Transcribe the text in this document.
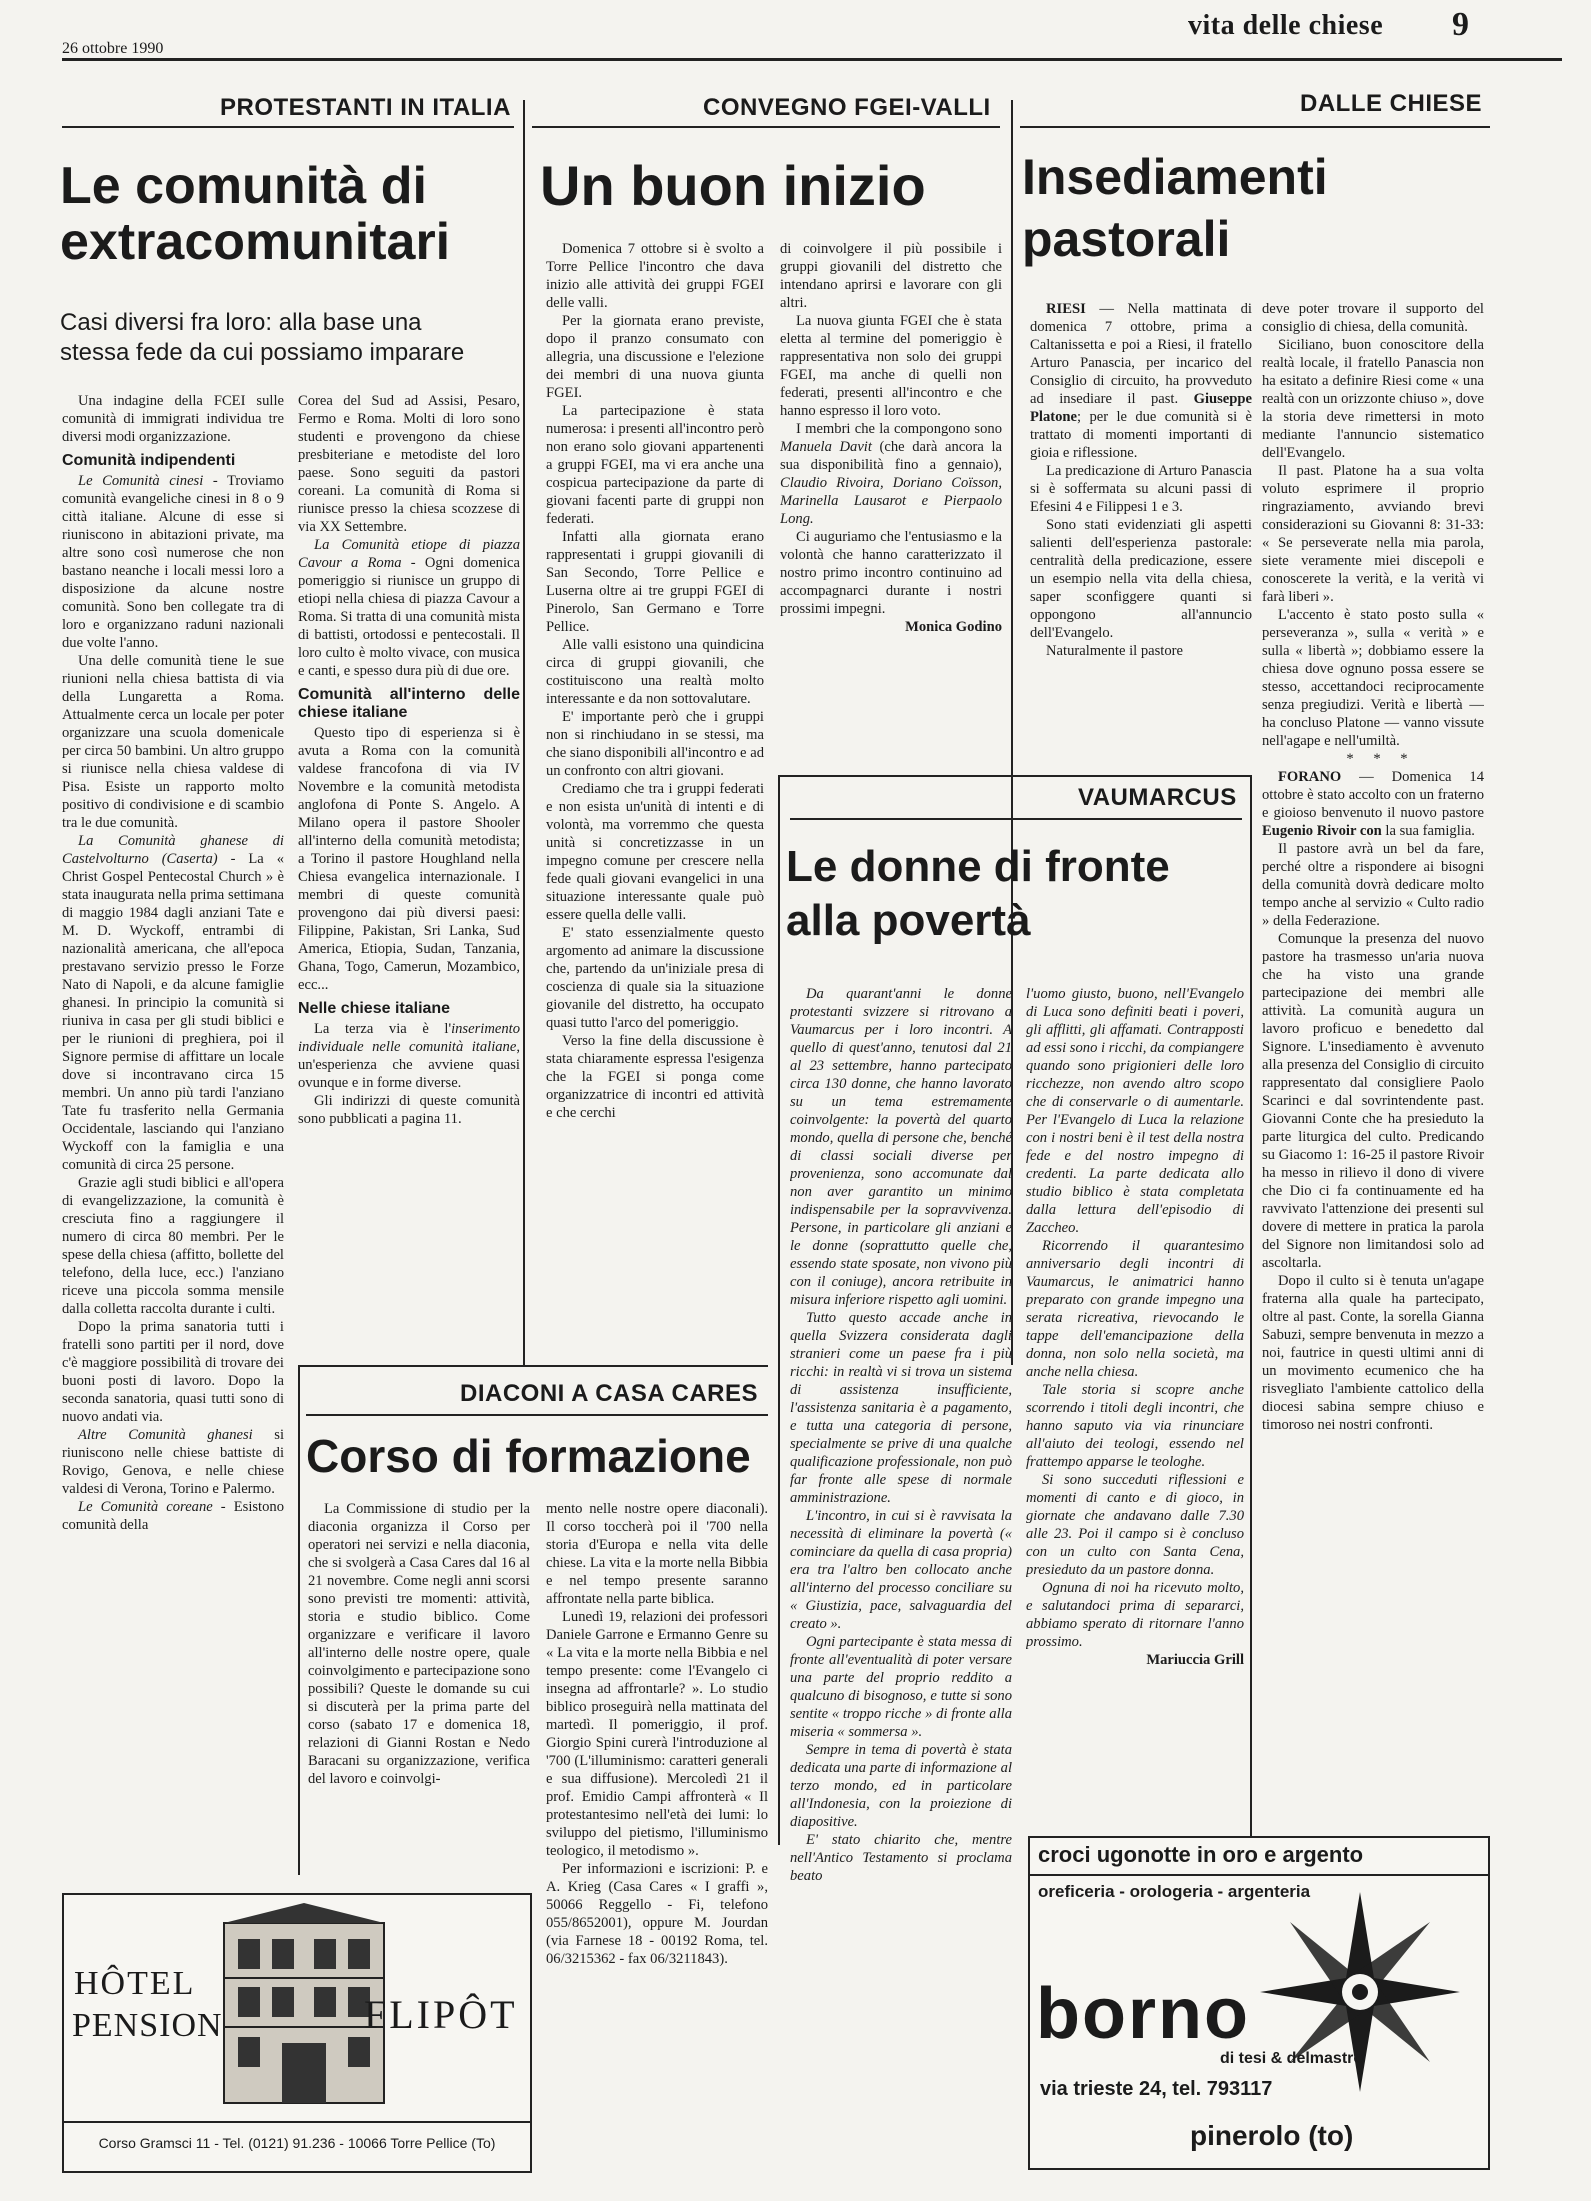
26 ottobre 1990
vita delle chiese 9
PROTESTANTI IN ITALIA	CONVEGNO FGEI-VALLI	DALLE CHIESE
Le comunità di
extracomunitari
Casi diversi fra loro: alla base una
stessa fede da cui possiamo imparare

Una indagine della FCEI sulle comunità di immigrati individua tre diversi modi organizzazione.

Comunità indipendenti

Le Comunità cinesi - Troviamo comunità evangeliche cinesi in 8 o 9 città italiane. Alcune di esse si riuniscono in abitazioni private, ma altre sono così numerose che non bastano neanche i locali messi loro a disposizione da alcune nostre comunità. Sono ben collegate tra di loro e organizzano raduni nazionali due volte l'anno.

Una delle comunità tiene le sue riunioni nella chiesa battista di via della Lungaretta a Roma. Attualmente cerca un locale per poter organizzare una scuola domenicale per circa 50 bambini. Un altro gruppo si riunisce nella chiesa valdese di Pisa. Esiste un rapporto molto positivo di condivisione e di scambio tra le due comunità.

La Comunità ghanese di Castelvolturno (Caserta) - La « Christ Gospel Pentecostal Church » è stata inaugurata nella prima settimana di maggio 1984 dagli anziani Tate e M. D. Wyckoff, entrambi di nazionalità americana, che all'epoca prestavano servizio presso le Forze Nato di Napoli, e da alcune famiglie ghanesi. In principio la comunità si riuniva in casa per gli studi biblici e per le riunioni di preghiera, poi il Signore permise di affittare un locale dove si incontravano circa 15 membri. Un anno più tardi l'anziano Tate fu trasferito nella Germania Occidentale, lasciando qui l'anziano Wyckoff con la famiglia e una comunità di circa 25 persone.

Grazie agli studi biblici e all'opera di evangelizzazione, la comunità è cresciuta fino a raggiungere il numero di circa 80 membri. Per le spese della chiesa (affitto, bollette del telefono, della luce, ecc.) l'anziano riceve una piccola somma mensile dalla colletta raccolta durante i culti.

Dopo la prima sanatoria tutti i fratelli sono partiti per il nord, dove c'è maggiore possibilità di trovare dei buoni posti di lavoro. Dopo la seconda sanatoria, quasi tutti sono di nuovo andati via.

Altre Comunità ghanesi si riuniscono nelle chiese battiste di Rovigo, Genova, e nelle chiese valdesi di Verona, Torino e Palermo.

Le Comunità coreane - Esistono comunità della

Corea del Sud ad Assisi, Pesaro, Fermo e Roma. Molti di loro sono studenti e provengono da chiese presbiteriane e metodiste del loro paese. Sono seguiti da pastori coreani. La comunità di Roma si riunisce presso la chiesa scozzese di via XX Settembre.

La Comunità etiope di piazza Cavour a Roma - Ogni domenica pomeriggio si riunisce un gruppo di etiopi nella chiesa di piazza Cavour a Roma. Si tratta di una comunità mista di battisti, ortodossi e pentecostali. Il loro culto è molto vivace, con musica e canti, e spesso dura più di due ore.

Comunità all'interno delle chiese italiane

Questo tipo di esperienza si è avuta a Roma con la comunità valdese francofona di via IV Novembre e la comunità metodista anglofona di Ponte S. Angelo. A Milano opera il pastore Shooler all'interno della comunità metodista; a Torino il pastore Houghland nella Chiesa evangelica internazionale. I membri di queste comunità provengono dai più diversi paesi: Filippine, Pakistan, Sri Lanka, Sud America, Etiopia, Sudan, Tanzania, Ghana, Togo, Camerun, Mozambico, ecc...

Nelle chiese italiane

La terza via è l'inserimento individuale nelle comunità italiane, un'esperienza che avviene quasi ovunque e in forme diverse.

Gli indirizzi di queste comunità sono pubblicati a pagina 11.

Un buon inizio

Domenica 7 ottobre si è svolto a Torre Pellice l'incontro che dava inizio alle attività dei gruppi FGEI delle valli.

Per la giornata erano previste, dopo il pranzo consumato con allegria, una discussione e l'elezione dei membri di una nuova giunta FGEI.

La partecipazione è stata numerosa: i presenti all'incontro però non erano solo giovani appartenenti a gruppi FGEI, ma vi era anche una cospicua partecipazione da parte di giovani facenti parte di gruppi non federati.

Infatti alla giornata erano rappresentati i gruppi giovanili di San Secondo, Torre Pellice e Luserna oltre ai tre gruppi FGEI di Pinerolo, San Germano e Torre Pellice.

Alle valli esistono una quindicina circa di gruppi giovanili, che costituiscono una realtà molto interessante e da non sottovalutare.

E' importante però che i gruppi non si rinchiudano in se stessi, ma che siano disponibili all'incontro e ad un confronto con altri giovani.

Crediamo che tra i gruppi federati e non esista un'unità di intenti e di volontà, ma vorremmo che questa unità si concretizzasse in un impegno comune per crescere nella fede quali giovani evangelici in una situazione interessante quale può essere quella delle valli.

E' stato essenzialmente questo argomento ad animare la discussione che, partendo da un'iniziale presa di coscienza di quale sia la situazione giovanile del distretto, ha occupato quasi tutto l'arco del pomeriggio.

Verso la fine della discussione è stata chiaramente espressa l'esigenza che la FGEI si ponga come organizzatrice di incontri ed attività e che cerchi

di coinvolgere il più possibile i gruppi giovanili del distretto che intendano aprirsi e lavorare con gli altri.

La nuova giunta FGEI che è stata eletta al termine del pomeriggio è rappresentativa non solo dei gruppi FGEI, ma anche di quelli non federati, presenti all'incontro e che hanno espresso il loro voto.

I membri che la compongono sono Manuela Davit (che darà ancora la sua disponibilità fino a gennaio), Claudio Rivoira, Doriano Coïsson, Marinella Lausarot e Pierpaolo Long.

Ci auguriamo che l'entusiasmo e la volontà che hanno caratterizzato il nostro primo incontro continuino ad accompagnarci durante i nostri prossimi impegni.

Monica Godino

Insediamenti
pastorali

RIESI — Nella mattinata di domenica 7 ottobre, prima a Caltanissetta e poi a Riesi, il fratello Arturo Panascia, per incarico del Consiglio di circuito, ha provveduto ad insediare il past. Giuseppe Platone; per le due comunità si è trattato di momenti importanti di gioia e riflessione.

La predicazione di Arturo Panascia si è soffermata su alcuni passi di Efesini 4 e Filippesi 1 e 3.

Sono stati evidenziati gli aspetti salienti dell'esperienza pastorale: centralità della predicazione, essere un esempio nella vita della chiesa, saper sconfiggere quanti si oppongono all'annuncio dell'Evangelo.

Naturalmente il pastore

deve poter trovare il supporto del consiglio di chiesa, della comunità.

Siciliano, buon conoscitore della realtà locale, il fratello Panascia non ha esitato a definire Riesi come « una realtà con un orizzonte chiuso », dove la storia deve rimettersi in moto mediante l'annuncio sistematico dell'Evangelo.

Il past. Platone ha a sua volta voluto esprimere il proprio ringraziamento, avviando brevi considerazioni su Giovanni 8: 31-33: « Se perseverate nella mia parola, siete veramente miei discepoli e conoscerete la verità, e la verità vi farà liberi ».

L'accento è stato posto sulla « perseveranza », sulla « verità » e sulla « libertà »; dobbiamo essere la chiesa dove ognuno possa essere se stesso, accettandoci reciprocamente senza pregiudizi. Verità e libertà — ha concluso Platone — vanno vissute nell'agape e nell'umiltà.

* * *

FORANO — Domenica 14 ottobre è stato accolto con un fraterno e gioioso benvenuto il nuovo pastore Eugenio Rivoir con la sua famiglia.

Il pastore avrà un bel da fare, perché oltre a rispondere ai bisogni della comunità dovrà dedicare molto tempo anche al servizio « Culto radio » della Federazione.

Comunque la presenza del nuovo pastore ha trasmesso un'aria nuova che ha visto una grande partecipazione dei membri alle attività. La comunità augura un lavoro proficuo e benedetto dal Signore. L'insediamento è avvenuto alla presenza del Consiglio di circuito rappresentato dal consigliere Paolo Scarinci e dal sovrintendente past. Giovanni Conte che ha presieduto la parte liturgica del culto. Predicando su Giacomo 1: 16-25 il pastore Rivoir ha messo in rilievo il dono di vivere che Dio ci fa continuamente ed ha ravvivato l'attenzione dei presenti sul dovere di mettere in pratica la parola del Signore non limitandosi solo ad ascoltarla.

Dopo il culto si è tenuta un'agape fraterna alla quale ha partecipato, oltre al past. Conte, la sorella Gianna Sabuzi, sempre benvenuta in mezzo a noi, fautrice in questi ultimi anni di un movimento ecumenico che ha risvegliato l'ambiente cattolico della diocesi sabina sempre chiuso e timoroso nei nostri confronti.

VAUMARCUS
Le donne di fronte
alla povertà

Da quarant'anni le donne protestanti svizzere si ritrovano a Vaumarcus per i loro incontri. A quello di quest'anno, tenutosi dal 21 al 23 settembre, hanno partecipato circa 130 donne, che hanno lavorato su un tema estremamente coinvolgente: la povertà del quarto mondo, quella di persone che, benché di classi sociali diverse per provenienza, sono accomunate dal non aver garantito un minimo indispensabile per la sopravvivenza. Persone, in particolare gli anziani e le donne (soprattutto quelle che, essendo state sposate, non vivono più con il coniuge), ancora retribuite in misura inferiore rispetto agli uomini.

Tutto questo accade anche in quella Svizzera considerata dagli stranieri come un paese fra i più ricchi: in realtà vi si trova un sistema di assistenza insufficiente, l'assistenza sanitaria è a pagamento, e tutta una categoria di persone, specialmente se prive di una qualche qualificazione professionale, non può far fronte alle spese di normale amministrazione.

L'incontro, in cui si è ravvisata la necessità di eliminare la povertà (« cominciare da quella di casa propria) era tra l'altro ben collocato anche all'interno del processo conciliare su « Giustizia, pace, salvaguardia del creato ».

Ogni partecipante è stata messa di fronte all'eventualità di poter versare una parte del proprio reddito a qualcuno di bisognoso, e tutte si sono sentite « troppo ricche » di fronte alla miseria « sommersa ».

Sempre in tema di povertà è stata dedicata una parte di informazione al terzo mondo, ed in particolare all'Indonesia, con la proiezione di diapositive.

E' stato chiarito che, mentre nell'Antico Testamento si proclama beato

l'uomo giusto, buono, nell'Evangelo di Luca sono definiti beati i poveri, gli afflitti, gli affamati. Contrapposti ad essi sono i ricchi, da compiangere quando sono prigionieri delle loro ricchezze, non avendo altro scopo che di conservarle o di aumentarle. Per l'Evangelo di Luca la relazione con i nostri beni è il test della nostra fede e del nostro impegno di credenti. La parte dedicata allo studio biblico è stata completata dalla lettura dell'episodio di Zaccheo.

Ricorrendo il quarantesimo anniversario degli incontri di Vaumarcus, le animatrici hanno preparato con grande impegno una serata ricreativa, rievocando le tappe dell'emancipazione della donna, non solo nella società, ma anche nella chiesa.

Tale storia si scopre anche scorrendo i titoli degli incontri, che hanno saputo via via rinunciare all'aiuto dei teologi, essendo nel frattempo apparse le teologhe.

Si sono succeduti riflessioni e momenti di canto e di gioco, in giornate che andavano dalle 7.30 alle 23. Poi il campo si è concluso con un culto con Santa Cena, presieduto da un pastore donna.

Ognuna di noi ha ricevuto molto, e salutandoci prima di separarci, abbiamo sperato di ritornare l'anno prossimo.

Mariuccia Grill

DIACONI A CASA CARES
Corso di formazione

La Commissione di studio per la diaconia organizza il Corso per operatori nei servizi e nella diaconia, che si svolgerà a Casa Cares dal 16 al 21 novembre. Come negli anni scorsi sono previsti tre momenti: attività, storia e studio biblico. Come organizzare e verificare il lavoro all'interno delle nostre opere, quale coinvolgimento e partecipazione sono possibili? Queste le domande su cui si discuterà per la prima parte del corso (sabato 17 e domenica 18, relazioni di Gianni Rostan e Nedo Baracani su organizzazione, verifica del lavoro e coinvolgi-

mento nelle nostre opere diaconali). Il corso toccherà poi il '700 nella storia d'Europa e nella vita delle chiese. La vita e la morte nella Bibbia e nel tempo presente saranno affrontate nella parte biblica.

Lunedì 19, relazioni dei professori Daniele Garrone e Ermanno Genre su « La vita e la morte nella Bibbia e nel tempo presente: come l'Evangelo ci insegna ad affrontarle? ». Lo studio biblico proseguirà nella mattinata del martedì. Il pomeriggio, il prof. Giorgio Spini curerà l'introduzione al '700 (L'illuminismo: caratteri generali e sua diffusione). Mercoledì 21 il prof. Emidio Campi affronterà « Il protestantesimo nell'età dei lumi: lo sviluppo del pietismo, l'illuminismo teologico, il metodismo ».

Per informazioni e iscrizioni: P. e A. Krieg (Casa Cares « I graffi », 50066 Reggello - Fi, telefono 055/8652001), oppure M. Jourdan (via Farnese 18 - 00192 Roma, tel. 06/3215362 - fax 06/3211843).

HÔTEL
PENSION	FLIPÔT
Corso Gramsci 11 - Tel. (0121) 91.236 - 10066 Torre Pellice (To)
croci ugonotte in oro e argento
oreficeria - orologeria - argenteria
borno
di tesi & delmastro
via trieste 24, tel. 793117
pinerolo (to)
